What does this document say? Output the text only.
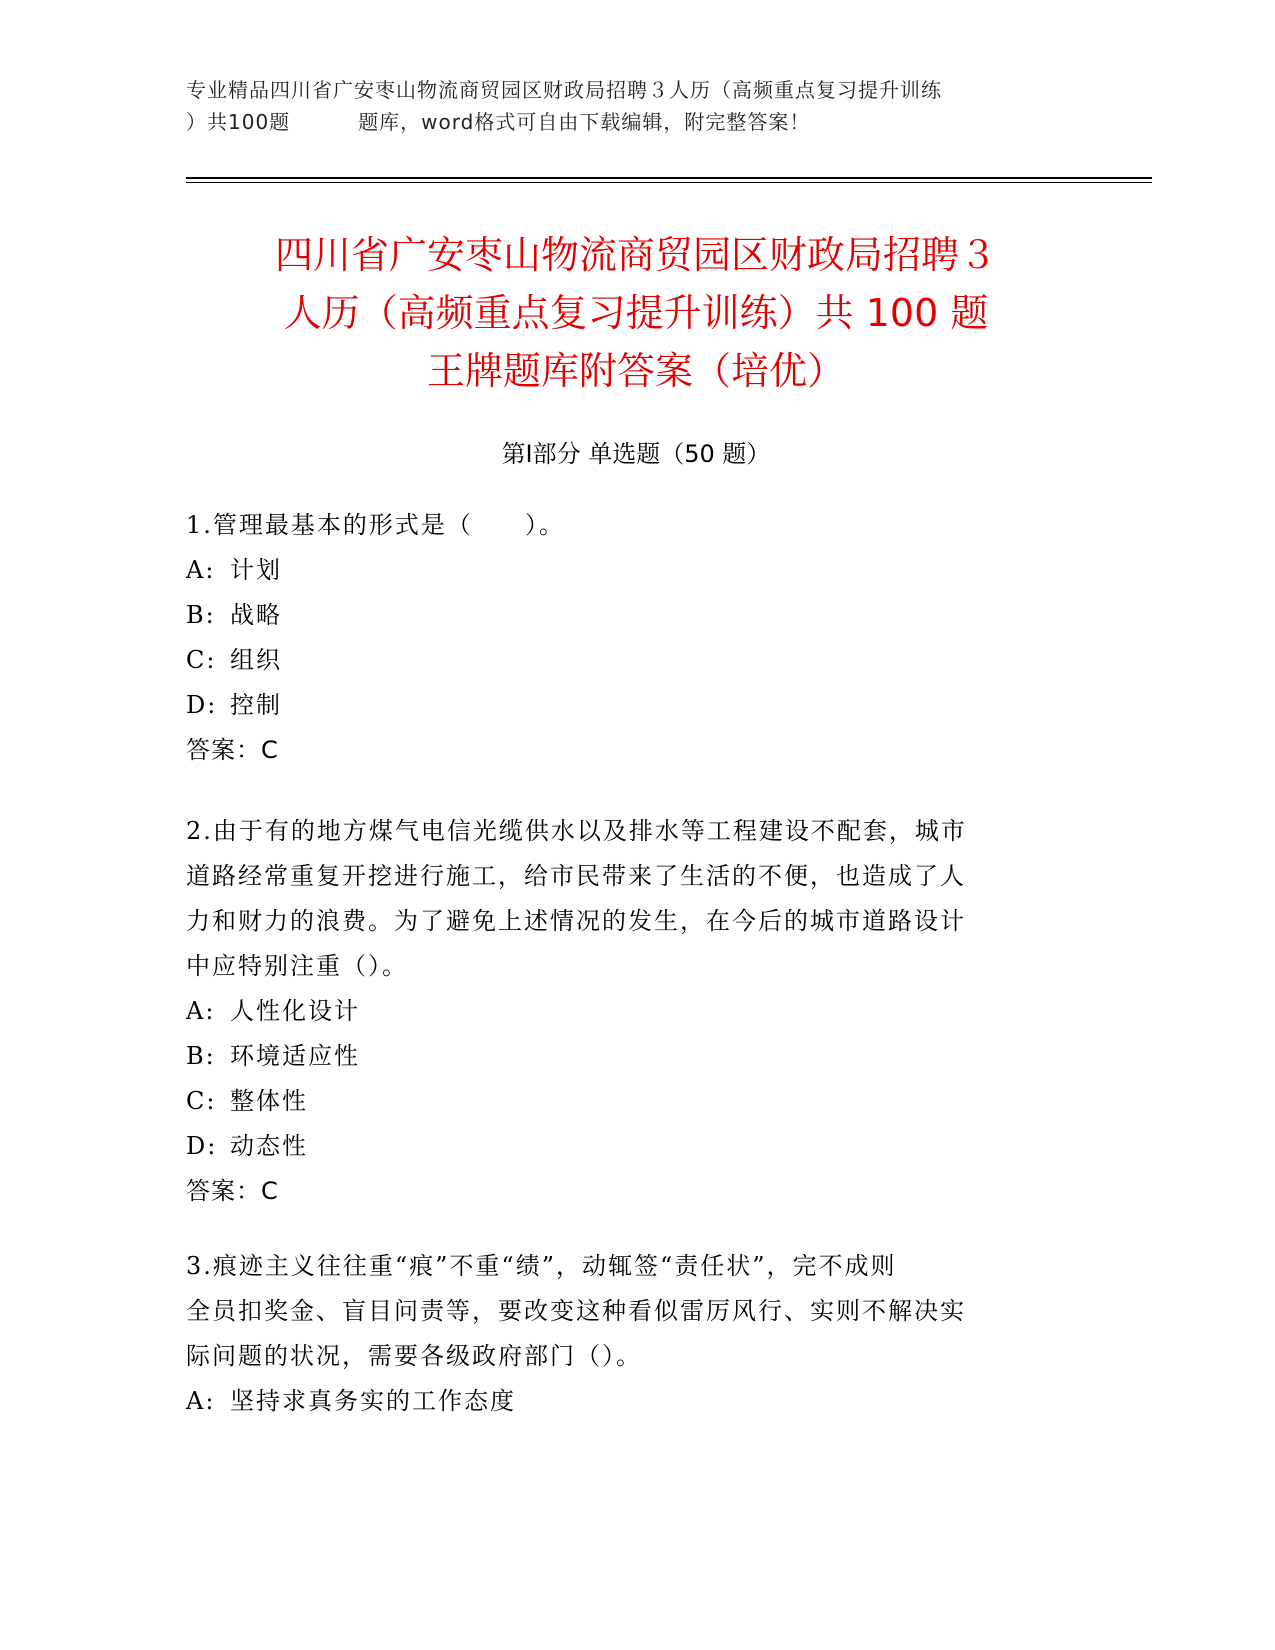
专业精品四川省广安枣山物流商贸园区财政局招聘３人历（高频重点复习提升训练
）共100题	题库，word格式可自由下载编辑，附完整答案！
四川省广安枣山物流商贸园区财政局招聘３
人历（高频重点复习提升训练）共 100 题
王牌题库附答案（培优）
第Ⅰ部分 单选题（50 题）
1.管理最基本的形式是（　　）。
A: 计划
B: 战略
C: 组织
D: 控制
答案：C
2.由于有的地方煤气电信光缆供水以及排水等工程建设不配套，城市
道路经常重复开挖进行施工，给市民带来了生活的不便，也造成了人
力和财力的浪费。为了避免上述情况的发生，在今后的城市道路设计
中应特别注重（）。
A: 人性化设计
B: 环境适应性
C: 整体性
D: 动态性
答案：C
3.痕迹主义往往重“痕”不重“绩”，动辄签“责任状”，完不成则
全员扣奖金、盲目问责等，要改变这种看似雷厉风行、实则不解决实
际问题的状况，需要各级政府部门（）。
A: 坚持求真务实的工作态度
